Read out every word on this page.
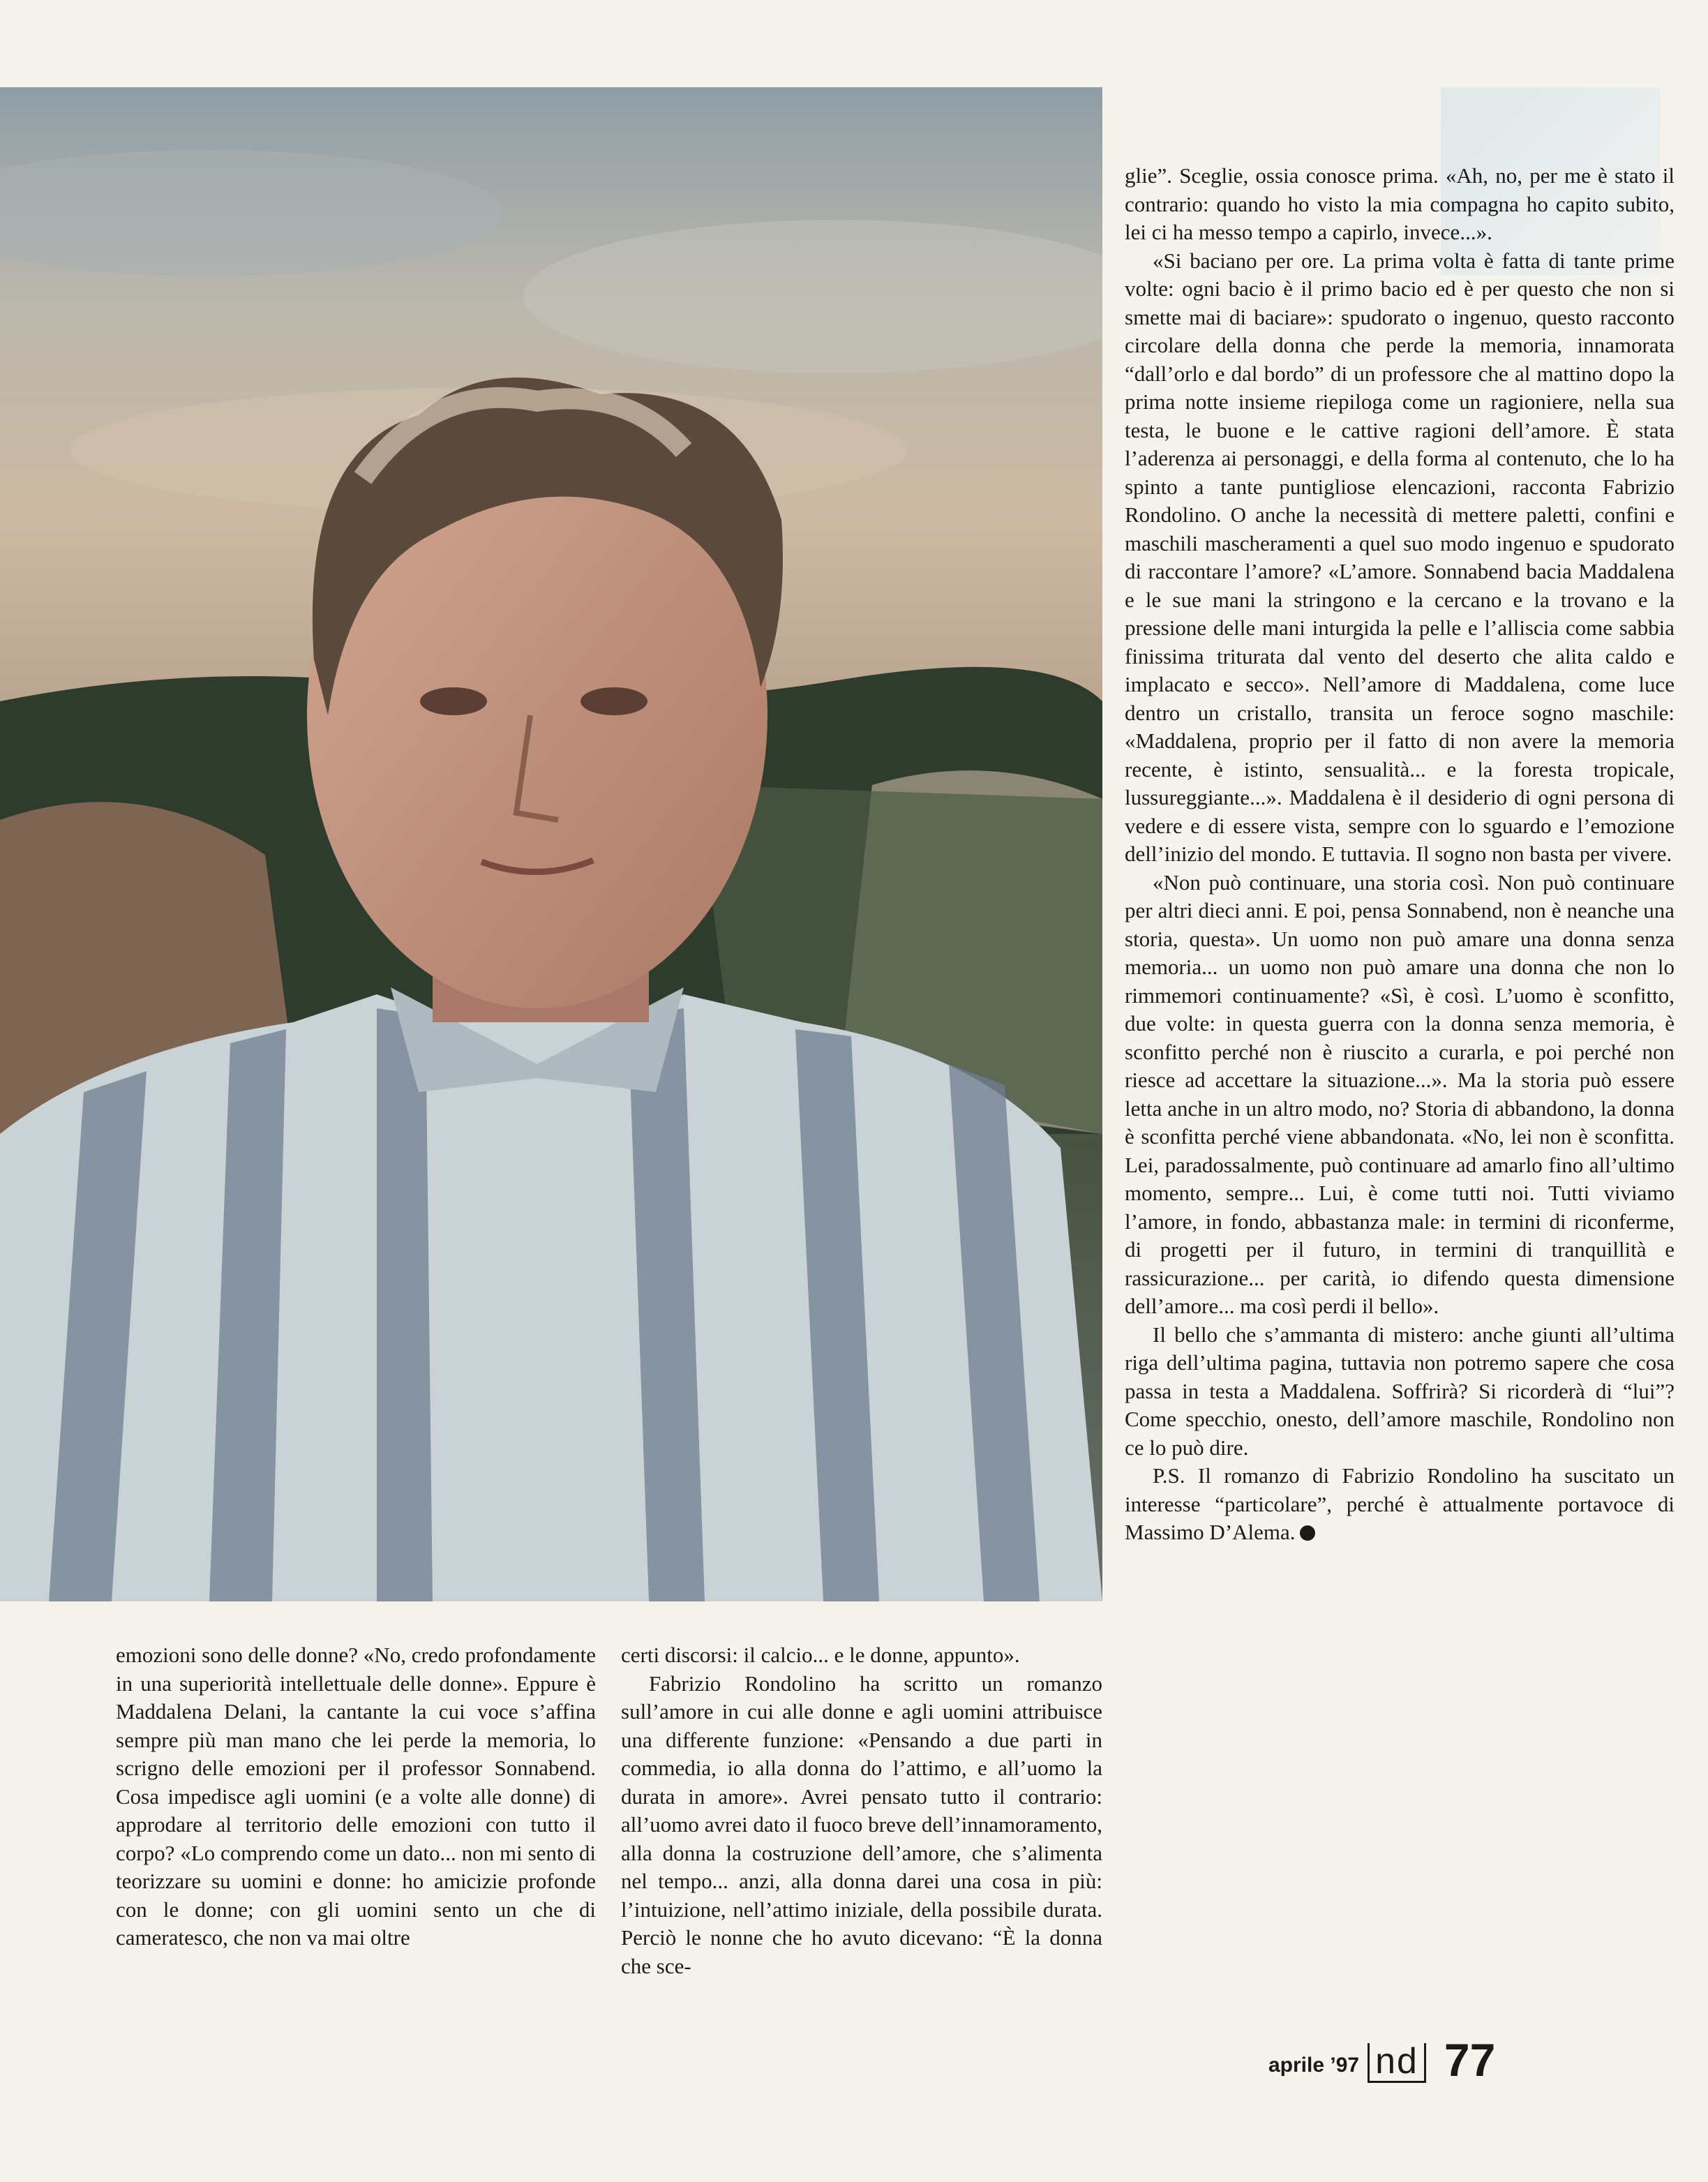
glie”. Sceglie, ossia conosce prima. «Ah, no, per me è stato il contrario: quando ho visto la mia compagna ho capito subito, lei ci ha messo tempo a capirlo, invece...».

«Si baciano per ore. La prima volta è fatta di tante prime volte: ogni bacio è il primo bacio ed è per questo che non si smette mai di baciare»: spudorato o ingenuo, questo racconto circolare della donna che perde la memoria, innamorata “dall’orlo e dal bordo” di un professore che al mattino dopo la prima notte insieme riepiloga come un ragioniere, nella sua testa, le buone e le cattive ragioni dell’amore. È stata l’aderenza ai personaggi, e della forma al contenuto, che lo ha spinto a tante puntigliose elencazioni, racconta Fabrizio Rondolino. O anche la necessità di mettere paletti, confini e maschili mascheramenti a quel suo modo ingenuo e spudorato di raccontare l’amore? «L’amore. Sonnabend bacia Maddalena e le sue mani la stringono e la cercano e la trovano e la pressione delle mani inturgida la pelle e l’alliscia come sabbia finissima triturata dal vento del deserto che alita caldo e implacato e secco». Nell’amore di Maddalena, come luce dentro un cristallo, transita un feroce sogno maschile: «Maddalena, proprio per il fatto di non avere la memoria recente, è istinto, sensualità... e la foresta tropicale, lussureggiante...». Maddalena è il desiderio di ogni persona di vedere e di essere vista, sempre con lo sguardo e l’emozione dell’inizio del mondo. E tuttavia. Il sogno non basta per vivere.

«Non può continuare, una storia così. Non può continuare per altri dieci anni. E poi, pensa Sonnabend, non è neanche una storia, questa». Un uomo non può amare una donna senza memoria... un uomo non può amare una donna che non lo rimmemori continuamente? «Sì, è così. L’uomo è sconfitto, due volte: in questa guerra con la donna senza memoria, è sconfitto perché non è riuscito a curarla, e poi perché non riesce ad accettare la situazione...». Ma la storia può essere letta anche in un altro modo, no? Storia di abbandono, la donna è sconfitta perché viene abbandonata. «No, lei non è sconfitta. Lei, paradossalmente, può continuare ad amarlo fino all’ultimo momento, sempre... Lui, è come tutti noi. Tutti viviamo l’amore, in fondo, abbastanza male: in termini di riconferme, di progetti per il futuro, in termini di tranquillità e rassicurazione... per carità, io difendo questa dimensione dell’amore... ma così perdi il bello».

Il bello che s’ammanta di mistero: anche giunti all’ultima riga dell’ultima pagina, tuttavia non potremo sapere che cosa passa in testa a Maddalena. Soffrirà? Si ricorderà di “lui”? Come specchio, onesto, dell’amore maschile, Rondolino non ce lo può dire.

P.S. Il romanzo di Fabrizio Rondolino ha suscitato un interesse “particolare”, perché è attualmente portavoce di Massimo D’Alema.

emozioni sono delle donne? «No, credo profondamente in una superiorità intellettuale delle donne». Eppure è Maddalena Delani, la cantante la cui voce s’affina sempre più man mano che lei perde la memoria, lo scrigno delle emozioni per il professor Sonnabend. Cosa impedisce agli uomini (e a volte alle donne) di approdare al territorio delle emozioni con tutto il corpo? «Lo comprendo come un dato... non mi sento di teorizzare su uomini e donne: ho amicizie profonde con le donne; con gli uomini sento un che di cameratesco, che non va mai oltre

certi discorsi: il calcio... e le donne, appunto».

Fabrizio Rondolino ha scritto un romanzo sull’amore in cui alle donne e agli uomini attribuisce una differente funzione: «Pensando a due parti in commedia, io alla donna do l’attimo, e all’uomo la durata in amore». Avrei pensato tutto il contrario: all’uomo avrei dato il fuoco breve dell’innamoramento, alla donna la costruzione dell’amore, che s’alimenta nel tempo... anzi, alla donna darei una cosa in più: l’intuizione, nell’attimo iniziale, della possibile durata. Perciò le nonne che ho avuto dicevano: “È la donna che sce-

aprile ’97 nd 77
